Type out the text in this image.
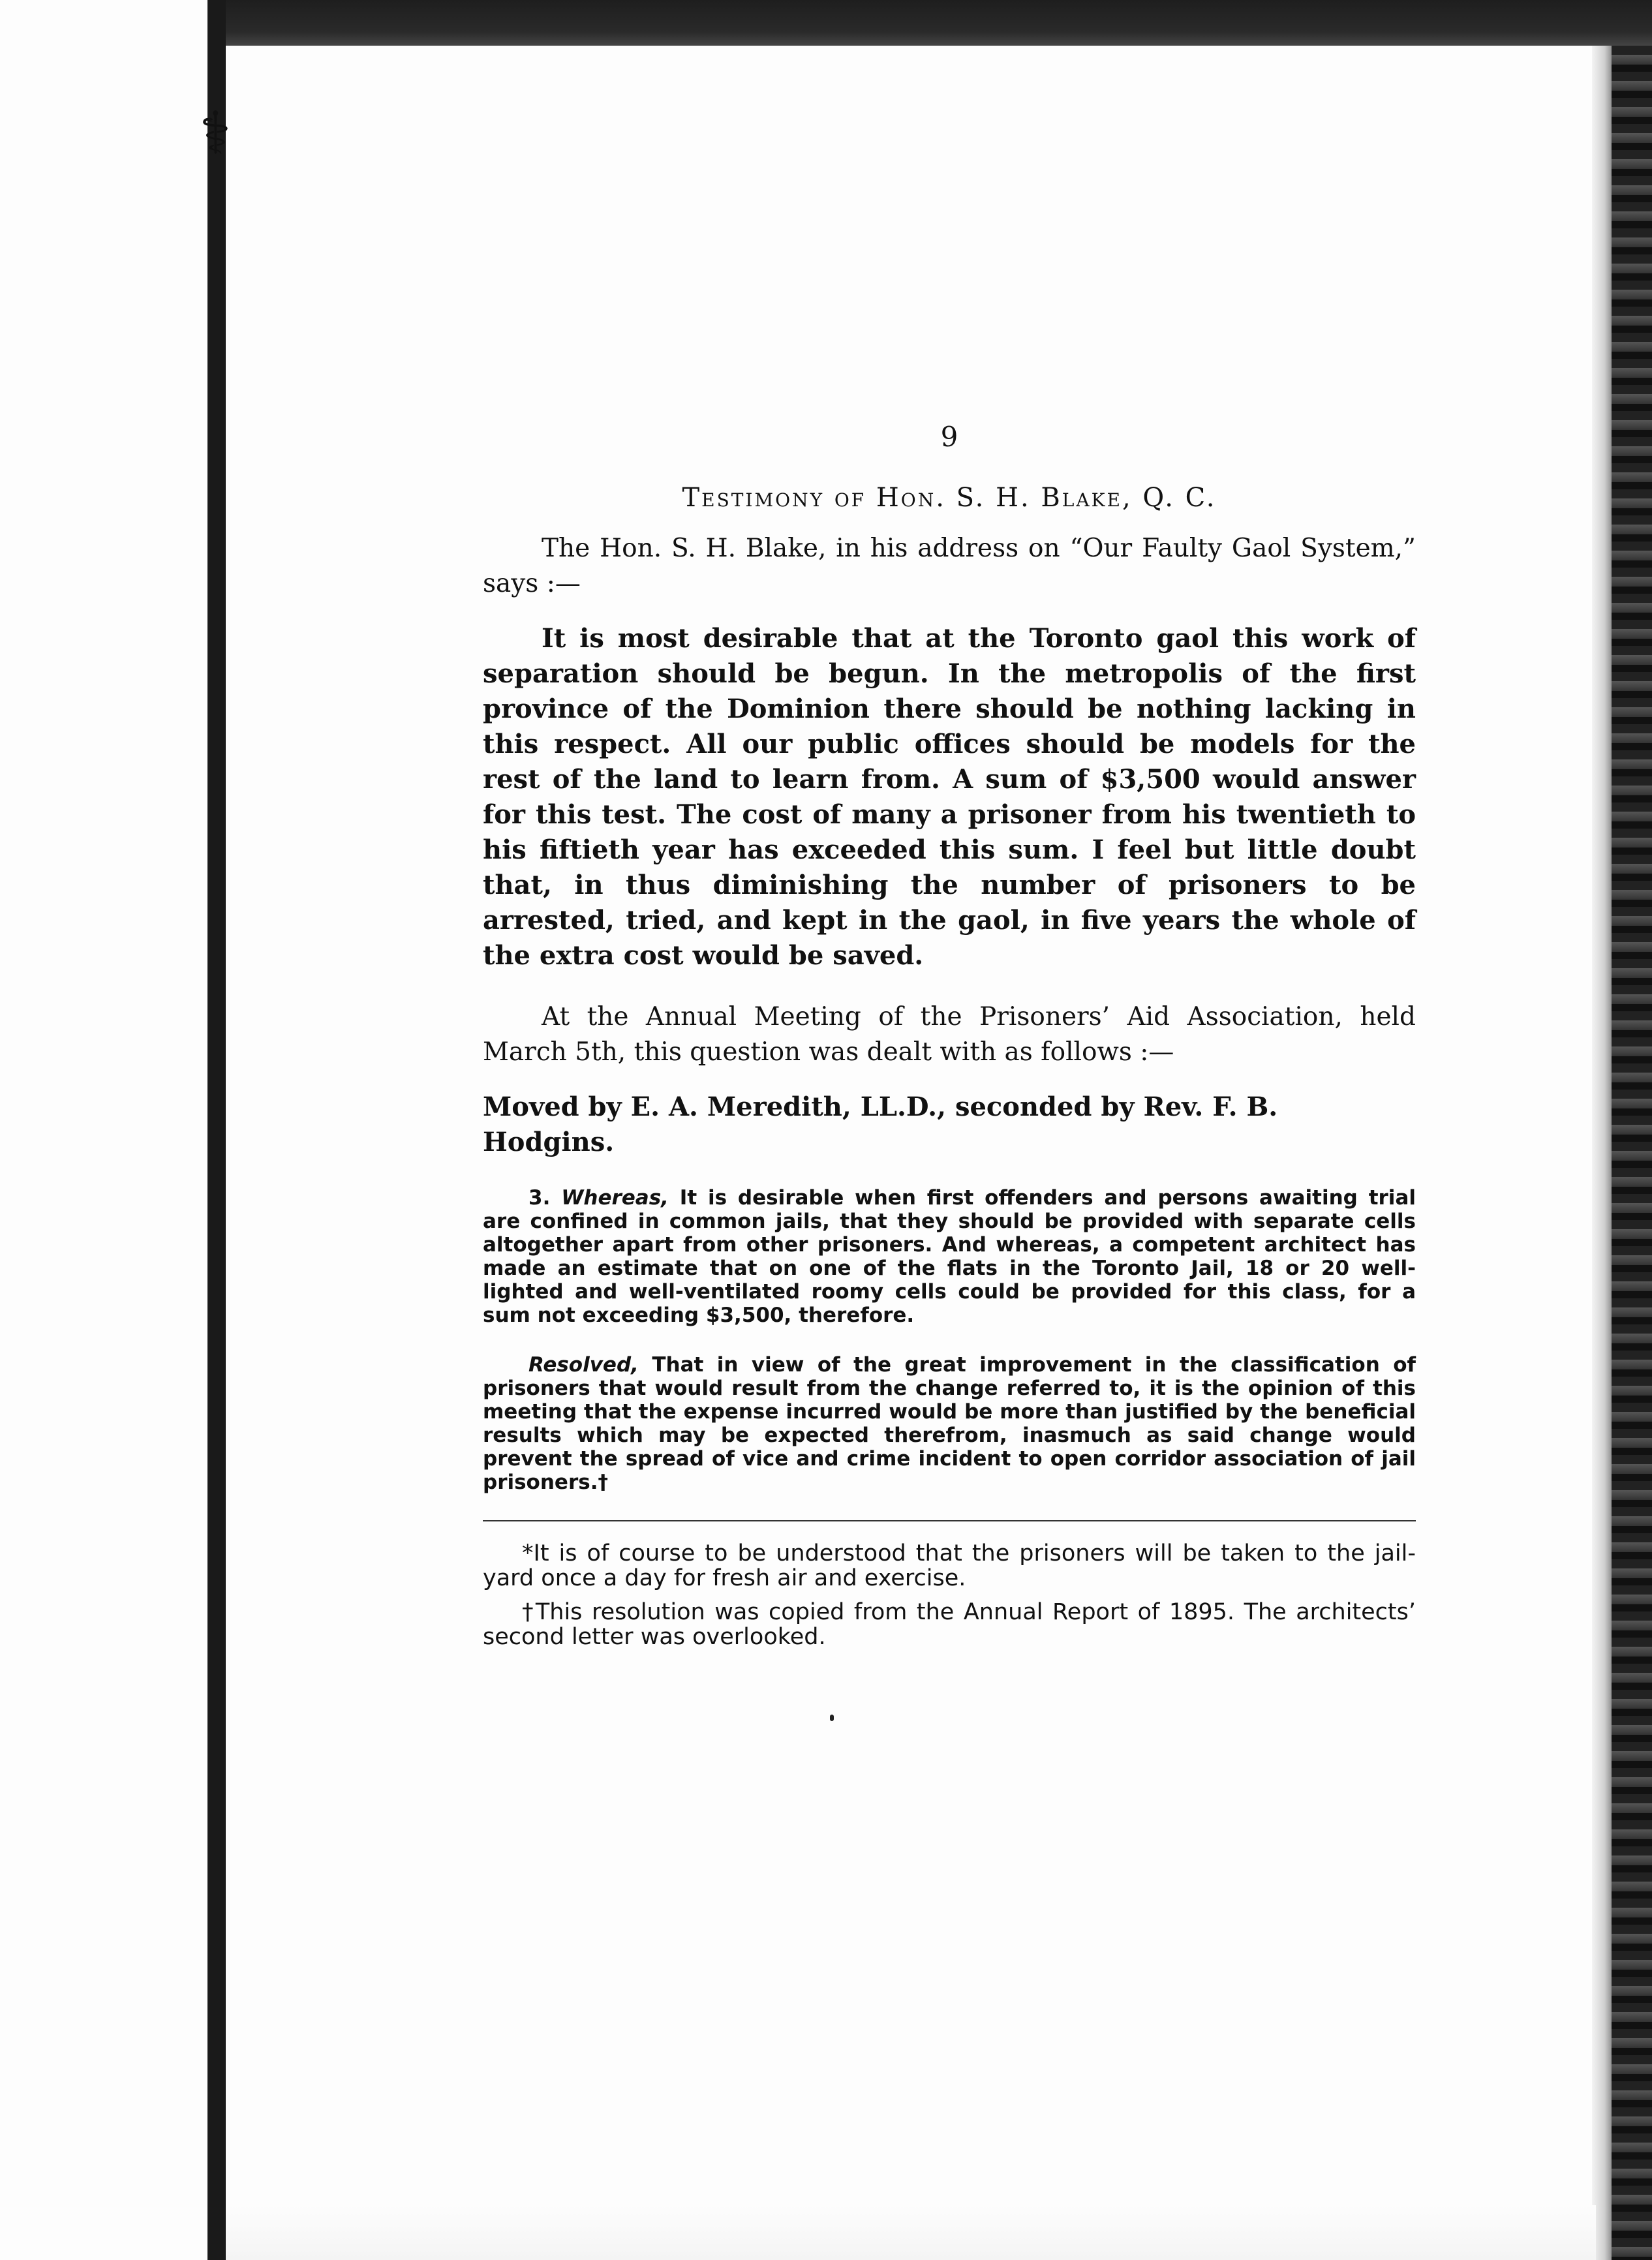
⚕
9
Testimony of Hon. S. H. Blake, Q. C.

The Hon. S. H. Blake, in his address on “Our Faulty Gaol System,” says :—

It is most desirable that at the Toronto gaol this work of separation should be begun. In the metropolis of the first province of the Dominion there should be nothing lacking in this respect. All our public offices should be models for the rest of the land to learn from. A sum of $3,500 would answer for this test. The cost of many a prisoner from his twentieth to his fiftieth year has exceeded this sum. I feel but little doubt that, in thus diminishing the number of prisoners to be arrested, tried, and kept in the gaol, in five years the whole of the extra cost would be saved.

At the Annual Meeting of the Prisoners’ Aid Association, held March 5th, this question was dealt with as follows :—

Moved by E. A. Meredith, LL.D., seconded by Rev. F. B. Hodgins.

3. Whereas, It is desirable when first offenders and persons awaiting trial are confined in common jails, that they should be provided with separate cells altogether apart from other prisoners. And whereas, a competent architect has made an estimate that on one of the flats in the Toronto Jail, 18 or 20 well-lighted and well-ventilated roomy cells could be provided for this class, for a sum not exceeding $3,500, therefore.

Resolved, That in view of the great improvement in the classification of prisoners that would result from the change referred to, it is the opinion of this meeting that the expense incurred would be more than justified by the beneficial results which may be expected therefrom, inasmuch as said change would prevent the spread of vice and crime incident to open corridor association of jail prisoners.†

*It is of course to be understood that the prisoners will be taken to the jail-yard once a day for fresh air and exercise.

†This resolution was copied from the Annual Report of 1895. The architects’ second letter was overlooked.
